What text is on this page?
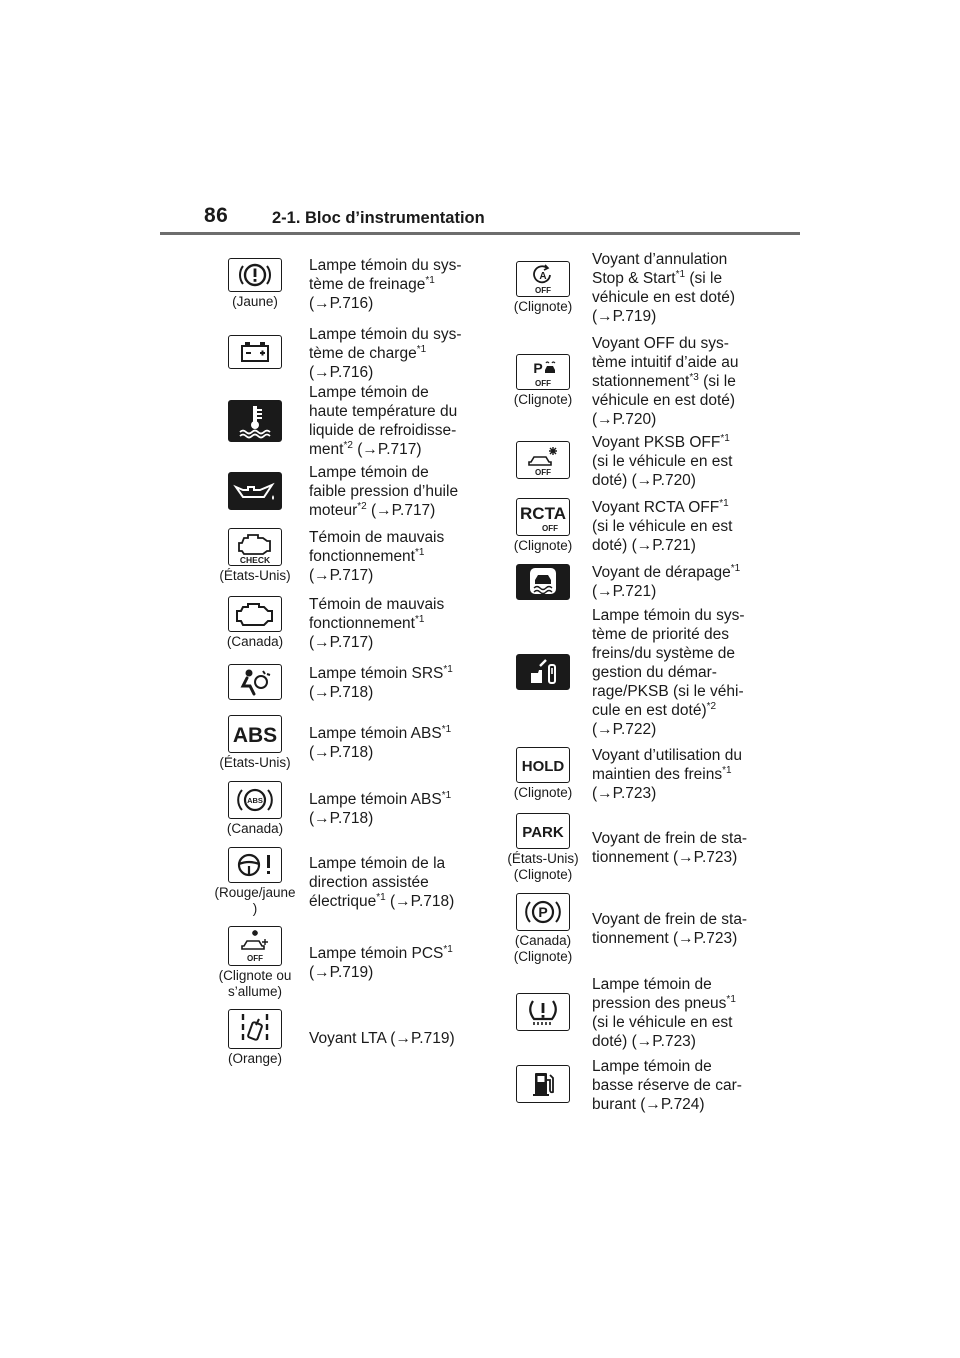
86	2-1. Bloc d’instrumentation
(Jaune)
Lampe témoin du sys-
tème de freinage$^{*1}$
(→P.716)
Lampe témoin du sys-
tème de charge$^{*1}$
(→P.716)
Lampe témoin de
haute température du
liquide de refroidisse-
ment$^{*2}$ (→P.717)
Lampe témoin de
faible pression d’huile
moteur$^{*2}$ (→P.717)
CHECK
(États-Unis)
Témoin de mauvais
fonctionnement$^{*1}$
(→P.717)
(Canada)
Témoin de mauvais
fonctionnement$^{*1}$
(→P.717)
Lampe témoin SRS$^{*1}$
(→P.718)
ABS
(États-Unis)
Lampe témoin ABS$^{*1}$
(→P.718)
ABS
(Canada)
Lampe témoin ABS$^{*1}$
(→P.718)
(Rouge/jaune
)
Lampe témoin de la
direction assistée
électrique$^{*1}$ (→P.718)
OFF
(Clignote ou
s’allume)
Lampe témoin PCS$^{*1}$
(→P.719)
(Orange)
Voyant LTA (→P.719)
A
OFF
(Clignote)
Voyant d’annulation
Stop & Start$^{*1}$ (si le
véhicule en est doté)
(→P.719)
P
OFF
(Clignote)
Voyant OFF du sys-
tème intuitif d’aide au
stationnement$^{*3}$ (si le
véhicule en est doté)
(→P.720)
OFF
Voyant PKSB OFF$^{*1}$
(si le véhicule en est
doté) (→P.720)
RCTA
OFF
(Clignote)
Voyant RCTA OFF$^{*1}$
(si le véhicule en est
doté) (→P.721)
Voyant de dérapage$^{*1}$
(→P.721)
Lampe témoin du sys-
tème de priorité des
freins/du système de
gestion du démar-
rage/PKSB (si le véhi-
cule en est doté)$^{*2}$
(→P.722)
HOLD
(Clignote)
Voyant d’utilisation du
maintien des freins$^{*1}$
(→P.723)
PARK
(États-Unis)
(Clignote)
Voyant de frein de sta-
tionnement (→P.723)
P
(Canada)
(Clignote)
Voyant de frein de sta-
tionnement (→P.723)
Lampe témoin de
pression des pneus$^{*1}$
(si le véhicule en est
doté) (→P.723)
Lampe témoin de
basse réserve de car-
burant (→P.724)
